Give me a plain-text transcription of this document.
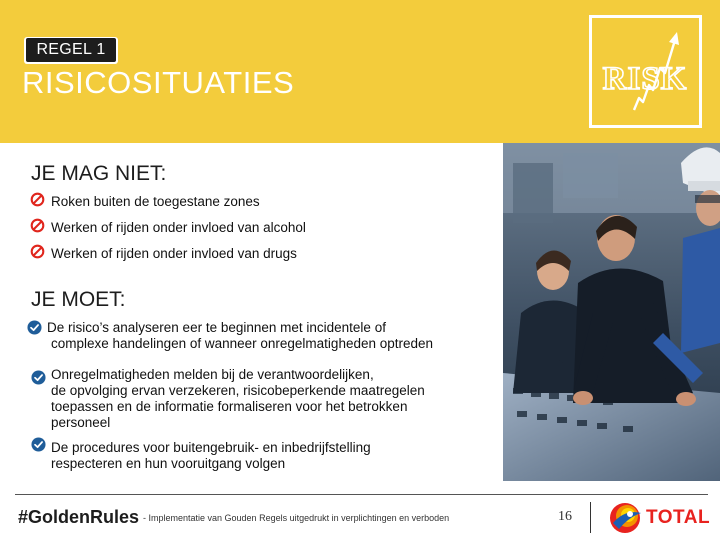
REGEL 1
RISICOSITUATIES	RISK
JE MAG NIET:
Roken buiten de toegestane zones
Werken of rijden onder invloed van alcohol
Werken of rijden onder invloed van drugs
JE MOET:
De risico’s analyseren eer te beginnen met incidentele of
complexe handelingen of wanneer onregelmatigheden optreden
Onregelmatigheden melden bij de verantwoordelijken,
de opvolging ervan verzekeren, risicobeperkende maatregelen
toepassen en de informatie formaliseren voor het betrokken
personeel
De procedures voor buitengebruik- en inbedrijfstelling
respecteren en hun vooruitgang volgen
#GoldenRules - Implementatie van Gouden Regels uitgedrukt in verplichtingen en verboden	16	TOTAL
